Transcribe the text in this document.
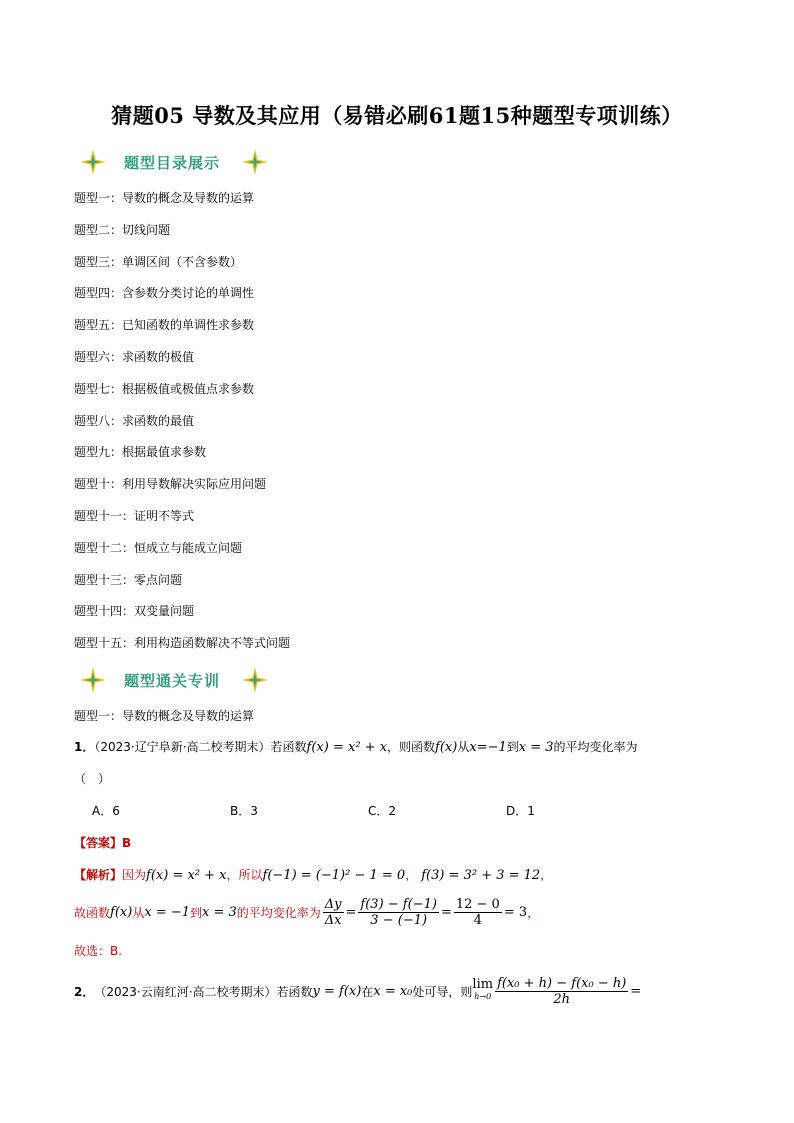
猜题05 导数及其应用（易错必刷61题15种题型专项训练）
题型目录展示
题型一：导数的概念及导数的运算
题型二：切线问题
题型三：单调区间（不含参数）
题型四：含参数分类讨论的单调性
题型五：已知函数的单调性求参数
题型六：求函数的极值
题型七：根据极值或极值点求参数
题型八：求函数的最值
题型九：根据最值求参数
题型十：利用导数解决实际应用问题
题型十一：证明不等式
题型十二：恒成立与能成立问题
题型十三：零点问题
题型十四：双变量问题
题型十五：利用构造函数解决不等式问题
题型通关专训
题型一：导数的概念及导数的运算
1．（2023·辽宁阜新·高二校考期末）若函数f(x) = x² + x，则函数f(x)从x=−1到x = 3的平均变化率为
（　）
A．6	B．3	C．2	D．1
【答案】B
【解析】因为f(x) = x² + x，所以f(−1) = (−1)² − 1 = 0， f(3) = 3² + 3 = 12，
故函数 f(x) 从 x = −1 到 x = 3 的平均变化率为 $\frac{\Delta y}{\Delta x} = \frac{f(3) - f(-1)}{3 - (-1)} = \frac{12 - 0}{4} = 3$ ，
故选：B.
2． （2023·云南红河·高二校考期末） 若函数 y = f(x) 在 x = x₀ 处可导，则 lim
$h\to 0 \frac{\text{f(x₀ + h) − f(x₀ − h)}}{2h}$ =
